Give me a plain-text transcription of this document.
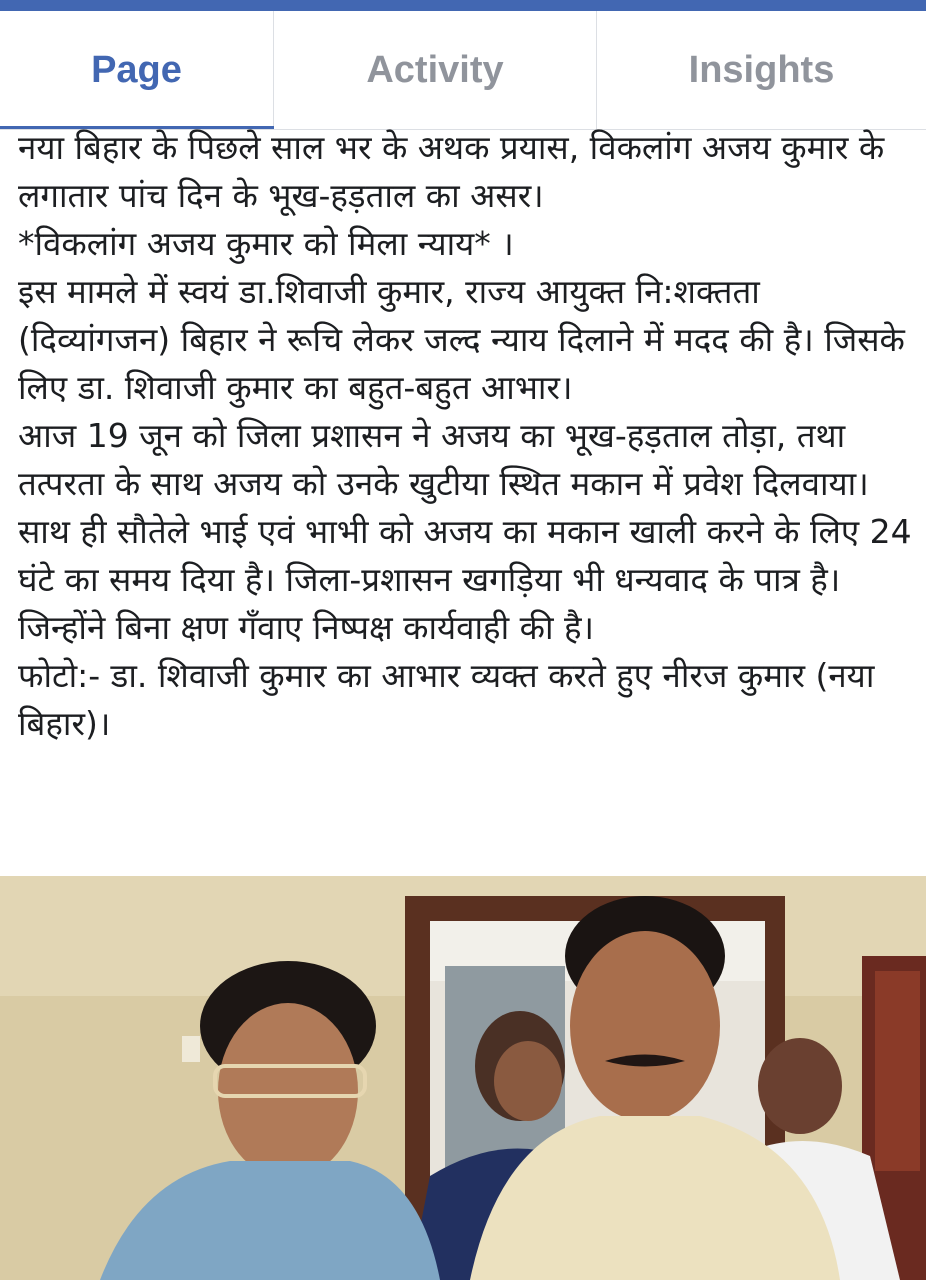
Page	Activity	Insights

नया बिहार के पिछले साल भर के अथक प्रयास, विकलांग अजय कुमार के लगातार पांच दिन के भूख-हड़ताल का असर।

*विकलांग अजय कुमार को मिला न्याय* ।

इस मामले में स्वयं डा.शिवाजी कुमार, राज्य आयुक्त नि:शक्तता (दिव्यांगजन) बिहार ने रूचि लेकर जल्द न्याय दिलाने में मदद की है। जिसके लिए डा. शिवाजी कुमार का बहुत-बहुत आभार।

आज 19 जून को जिला प्रशासन ने अजय का भूख-हड़ताल तोड़ा, तथा तत्परता के साथ अजय को उनके खुटीया स्थित मकान में प्रवेश दिलवाया। साथ ही सौतेले भाई एवं भाभी को अजय का मकान खाली करने के लिए 24 घंटे का समय दिया है। जिला-प्रशासन खगड़िया भी धन्यवाद के पात्र है। जिन्होंने बिना क्षण गँवाए निष्पक्ष कार्यवाही की है।

फोटो:- डा. शिवाजी कुमार का आभार व्यक्त करते हुए नीरज कुमार (नया बिहार)।
